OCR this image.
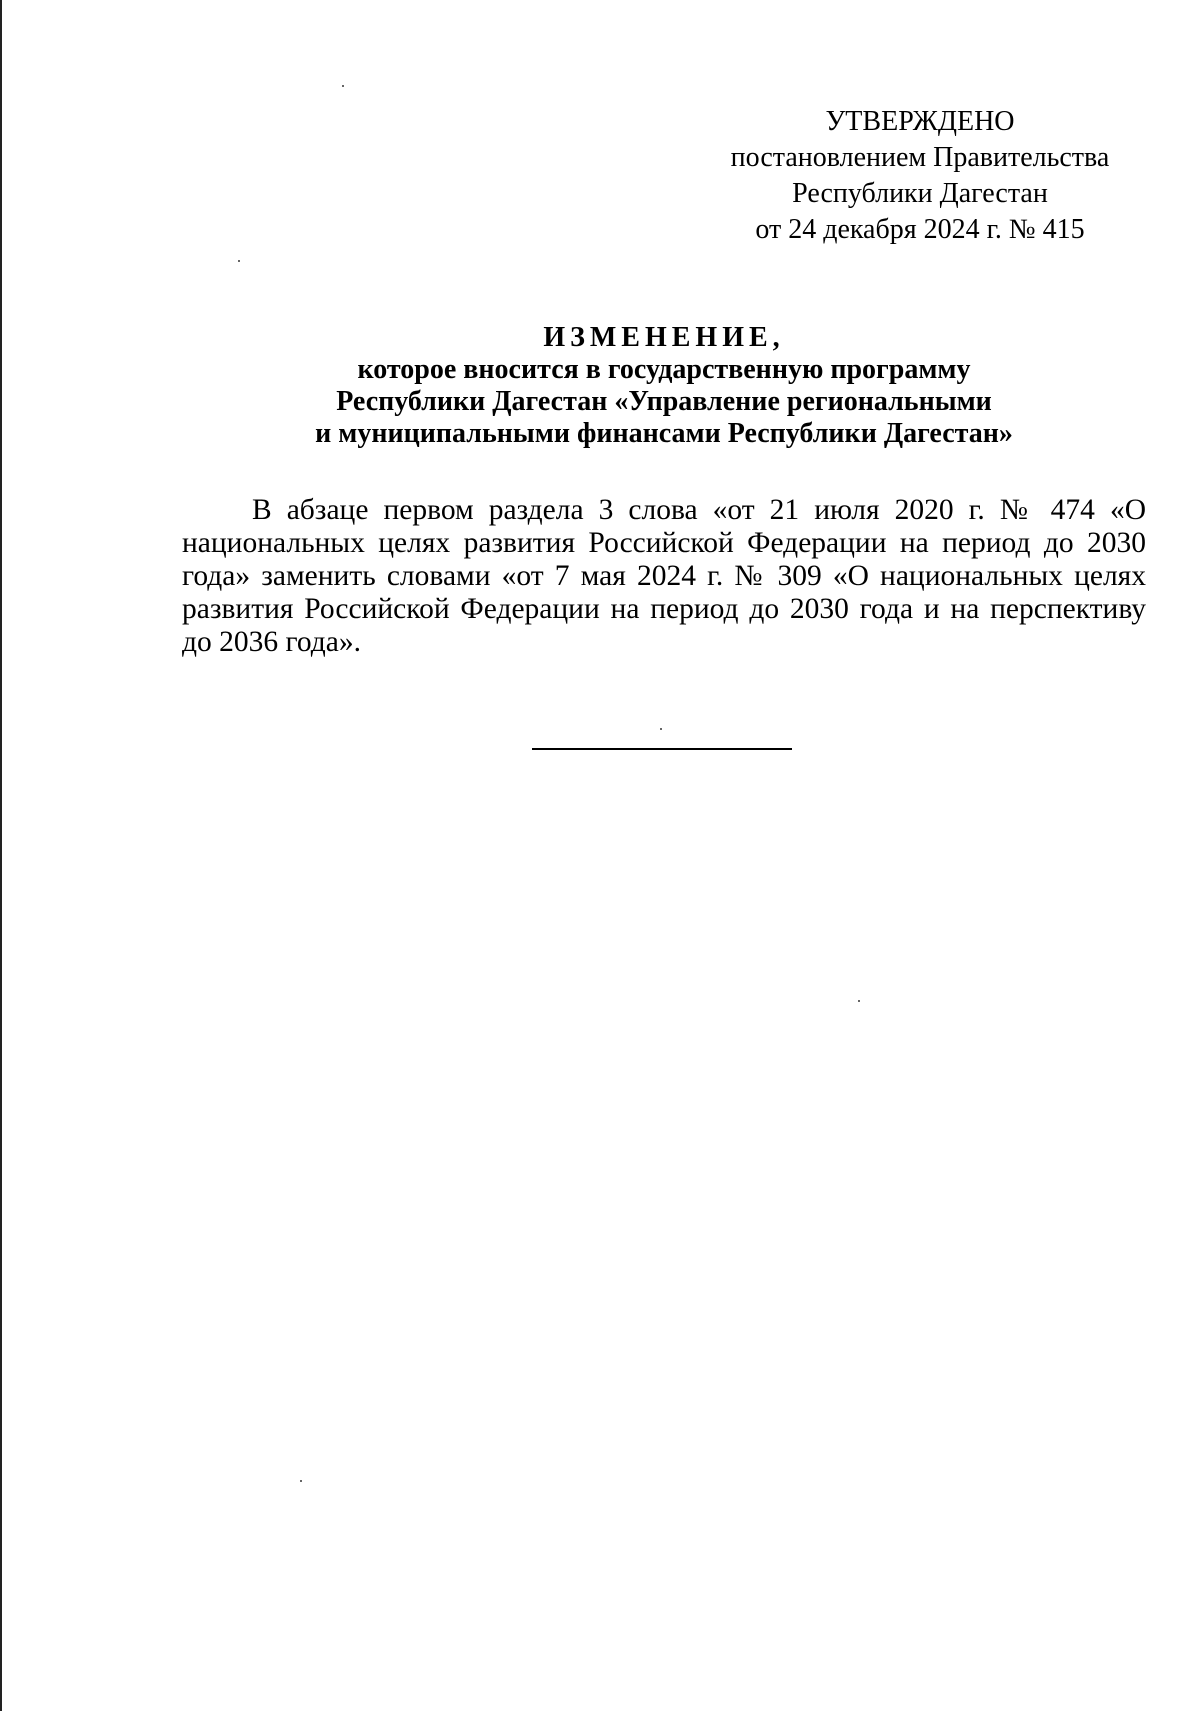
УТВЕРЖДЕНО
постановлением Правительства
Республики Дагестан
от 24 декабря 2024 г. № 415
ИЗМЕНЕНИЕ,
которое вносится в государственную программу
Республики Дагестан «Управление региональными
и муниципальными финансами Республики Дагестан»
В абзаце первом раздела 3 слова «от 21 июля 2020 г. № 474 «О национальных целях развития Российской Федерации на период до 2030 года» заменить словами «от 7 мая 2024 г. № 309 «О национальных целях развития Российской Федерации на период до 2030 года и на перспективу до 2036 года».
